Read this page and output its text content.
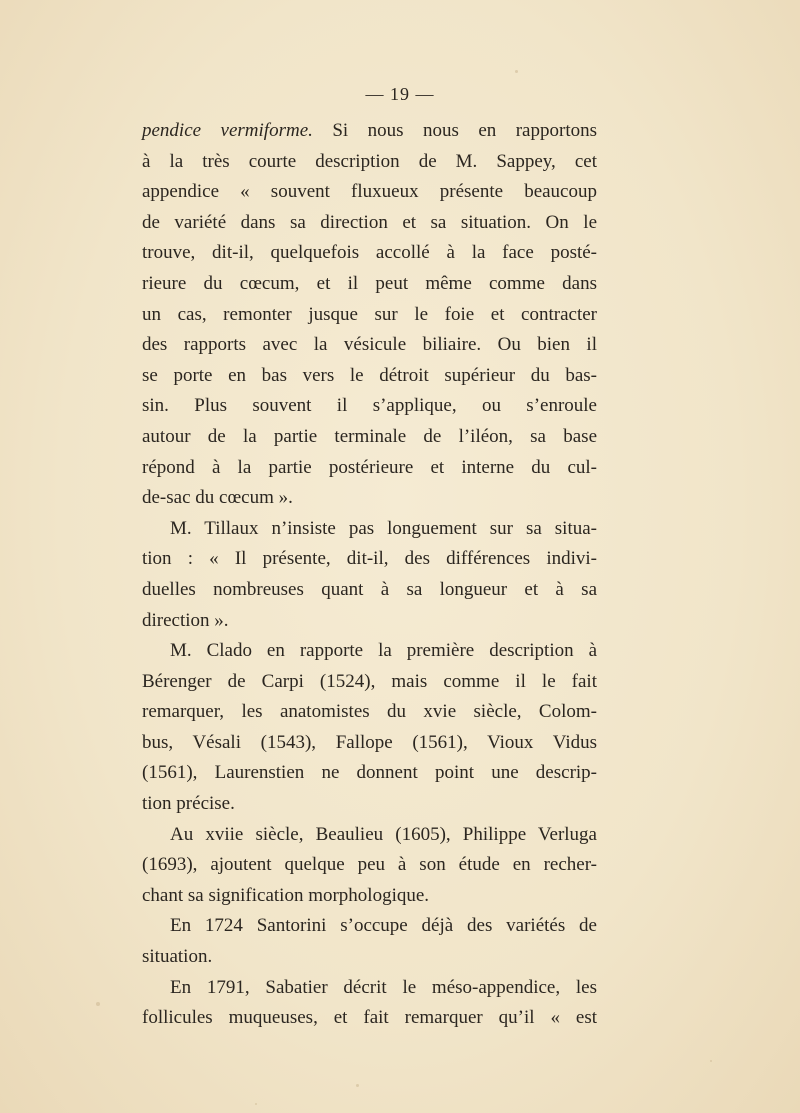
— 19 —
pendice vermiforme. Si nous nous en rapportons
à la très courte description de M. Sappey, cet
appendice « souvent fluxueux présente beaucoup
de variété dans sa direction et sa situation. On le
trouve, dit-il, quelquefois accollé à la face posté-
rieure du cœcum, et il peut même comme dans
un cas, remonter jusque sur le foie et contracter
des rapports avec la vésicule biliaire. Ou bien il
se porte en bas vers le détroit supérieur du bas-
sin. Plus souvent il s’applique, ou s’enroule
autour de la partie terminale de l’iléon, sa base
répond à la partie postérieure et interne du cul-
de-sac du cœcum ».
M. Tillaux n’insiste pas longuement sur sa situa-
tion : « Il présente, dit-il, des différences indivi-
duelles nombreuses quant à sa longueur et à sa
direction ».
M. Clado en rapporte la première description à
Bérenger de Carpi (1524), mais comme il le fait
remarquer, les anatomistes du xvie siècle, Colom-
bus, Vésali (1543), Fallope (1561), Vioux Vidus
(1561), Laurenstien ne donnent point une descrip-
tion précise.
Au xviie siècle, Beaulieu (1605), Philippe Verluga
(1693), ajoutent quelque peu à son étude en recher-
chant sa signification morphologique.
En 1724 Santorini s’occupe déjà des variétés de
situation.
En 1791, Sabatier décrit le méso-appendice, les
follicules muqueuses, et fait remarquer qu’il « est
